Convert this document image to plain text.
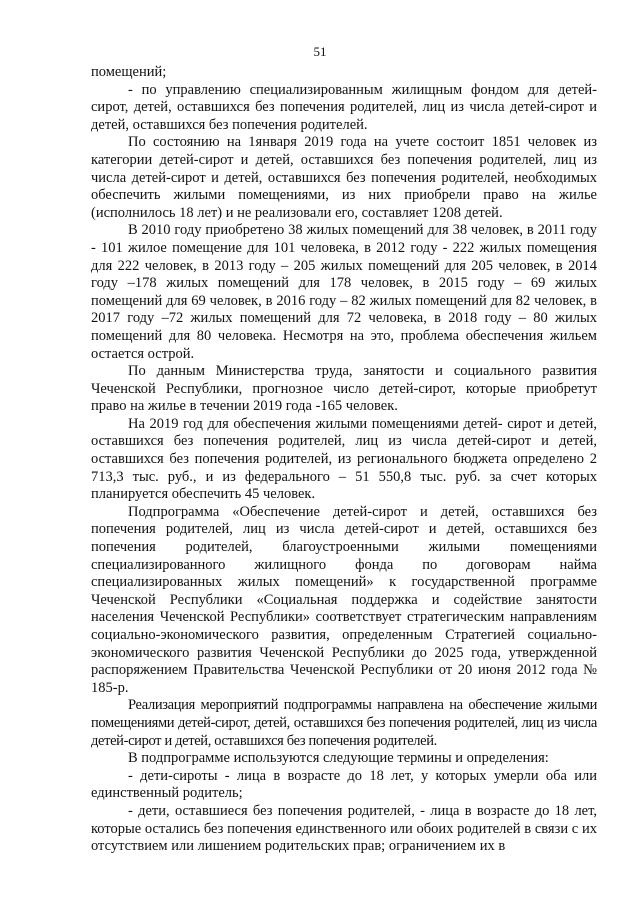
51

помещений;

- по управлению специализированным жилищным фондом для детей-сирот, детей, оставшихся без попечения родителей, лиц из числа детей-сирот и детей, оставшихся без попечения родителей.

По состоянию на 1января 2019 года на учете состоит 1851 человек из категории детей-сирот и детей, оставшихся без попечения родителей, лиц из числа детей-сирот и детей, оставшихся без попечения родителей, необходимых обеспечить жилыми помещениями, из них приобрели право на жилье (исполнилось 18 лет) и не реализовали его, составляет 1208 детей.

В 2010 году приобретено 38 жилых помещений для 38 человек, в 2011 году - 101 жилое помещение для 101 человека, в 2012 году - 222 жилых помещения для 222 человек, в 2013 году – 205 жилых помещений для 205 человек, в 2014 году –178 жилых помещений для 178 человек, в 2015 году – 69 жилых помещений для 69 человек, в 2016 году – 82 жилых помещений для 82 человек, в 2017 году –72 жилых помещений для 72 человека, в 2018 году – 80 жилых помещений для 80 человека. Несмотря на это, проблема обеспечения жильем остается острой.

По данным Министерства труда, занятости и социального развития Чеченской Республики, прогнозное число детей-сирот, которые приобретут право на жилье в течении 2019 года -165 человек.

На 2019 год для обеспечения жилыми помещениями детей- сирот и детей, оставшихся без попечения родителей, лиц из числа детей-сирот и детей, оставшихся без попечения родителей, из регионального бюджета определено 2 713,3 тыс. руб., и из федерального – 51 550,8 тыс. руб. за счет которых планируется обеспечить 45 человек.

Подпрограмма «Обеспечение детей-сирот и детей, оставшихся без попечения родителей, лиц из числа детей-сирот и детей, оставшихся без попечения родителей, благоустроенными жилыми помещениями специализированного жилищного фонда по договорам найма специализированных жилых помещений» к государственной программе Чеченской Республики «Социальная поддержка и содействие занятости населения Чеченской Республики» соответствует стратегическим направлениям социально-экономического развития, определенным Стратегией социально-экономического развития Чеченской Республики до 2025 года, утвержденной распоряжением Правительства Чеченской Республики от 20 июня 2012 года № 185-р.

Реализация мероприятий подпрограммы направлена на обеспечение жилыми помещениями детей-сирот, детей, оставшихся без попечения родителей, лиц из числа детей-сирот и детей, оставшихся без попечения родителей.

В подпрограмме используются следующие термины и определения:

- дети-сироты - лица в возрасте до 18 лет, у которых умерли оба или единственный родитель;

- дети, оставшиеся без попечения родителей, - лица в возрасте до 18 лет, которые остались без попечения единственного или обоих родителей в связи с их отсутствием или лишением родительских прав; ограничением их в
